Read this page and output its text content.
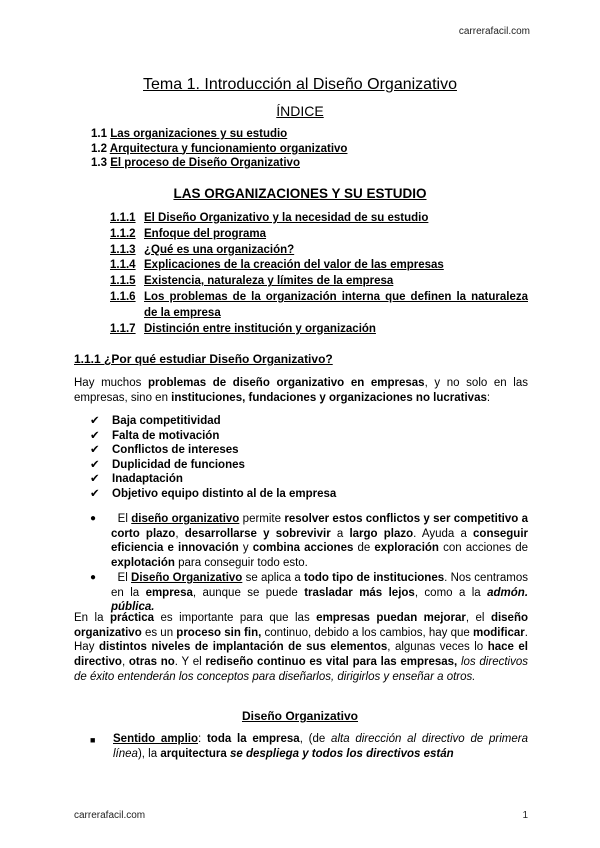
carrerafacil.com
Tema 1. Introducción al Diseño Organizativo
ÍNDICE
1.1 Las organizaciones y su estudio
1.2 Arquitectura y funcionamiento organizativo
1.3 El proceso de Diseño Organizativo
LAS ORGANIZACIONES Y SU ESTUDIO
1.1.1 El Diseño Organizativo y la necesidad de su estudio
1.1.2 Enfoque del programa
1.1.3 ¿Qué es una organización?
1.1.4 Explicaciones de la creación del valor de las empresas
1.1.5 Existencia, naturaleza y límites de la empresa
1.1.6 Los problemas de la organización interna que definen la naturaleza de la empresa
1.1.7 Distinción entre institución y organización
1.1.1 ¿Por qué estudiar Diseño Organizativo?
Hay muchos problemas de diseño organizativo en empresas, y no solo en las empresas, sino en instituciones, fundaciones y organizaciones no lucrativas:
✔	Baja competitividad
✔	Falta de motivación
✔	Conflictos de intereses
✔	Duplicidad de funciones
✔	Inadaptación
✔	Objetivo equipo distinto al de la empresa
●	El diseño organizativo permite resolver estos conflictos y ser competitivo a corto plazo, desarrollarse y sobrevivir a largo plazo. Ayuda a conseguir eficiencia e innovación y combina acciones de exploración con acciones de explotación para conseguir todo esto.
●	El Diseño Organizativo se aplica a todo tipo de instituciones. Nos centramos en la empresa, aunque se puede trasladar más lejos, como a la admón. pública.
En la práctica es importante para que las empresas puedan mejorar, el diseño organizativo es un proceso sin fin, continuo, debido a los cambios, hay que modificar. Hay distintos niveles de implantación de sus elementos, algunas veces lo hace el directivo, otras no. Y el rediseño continuo es vital para las empresas, los directivos de éxito entenderán los conceptos para diseñarlos, dirigirlos y enseñar a otros.
Diseño Organizativo
■	Sentido amplio: toda la empresa, (de alta dirección al directivo de primera línea), la arquitectura se despliega y todos los directivos están
carrerafacil.com	1
